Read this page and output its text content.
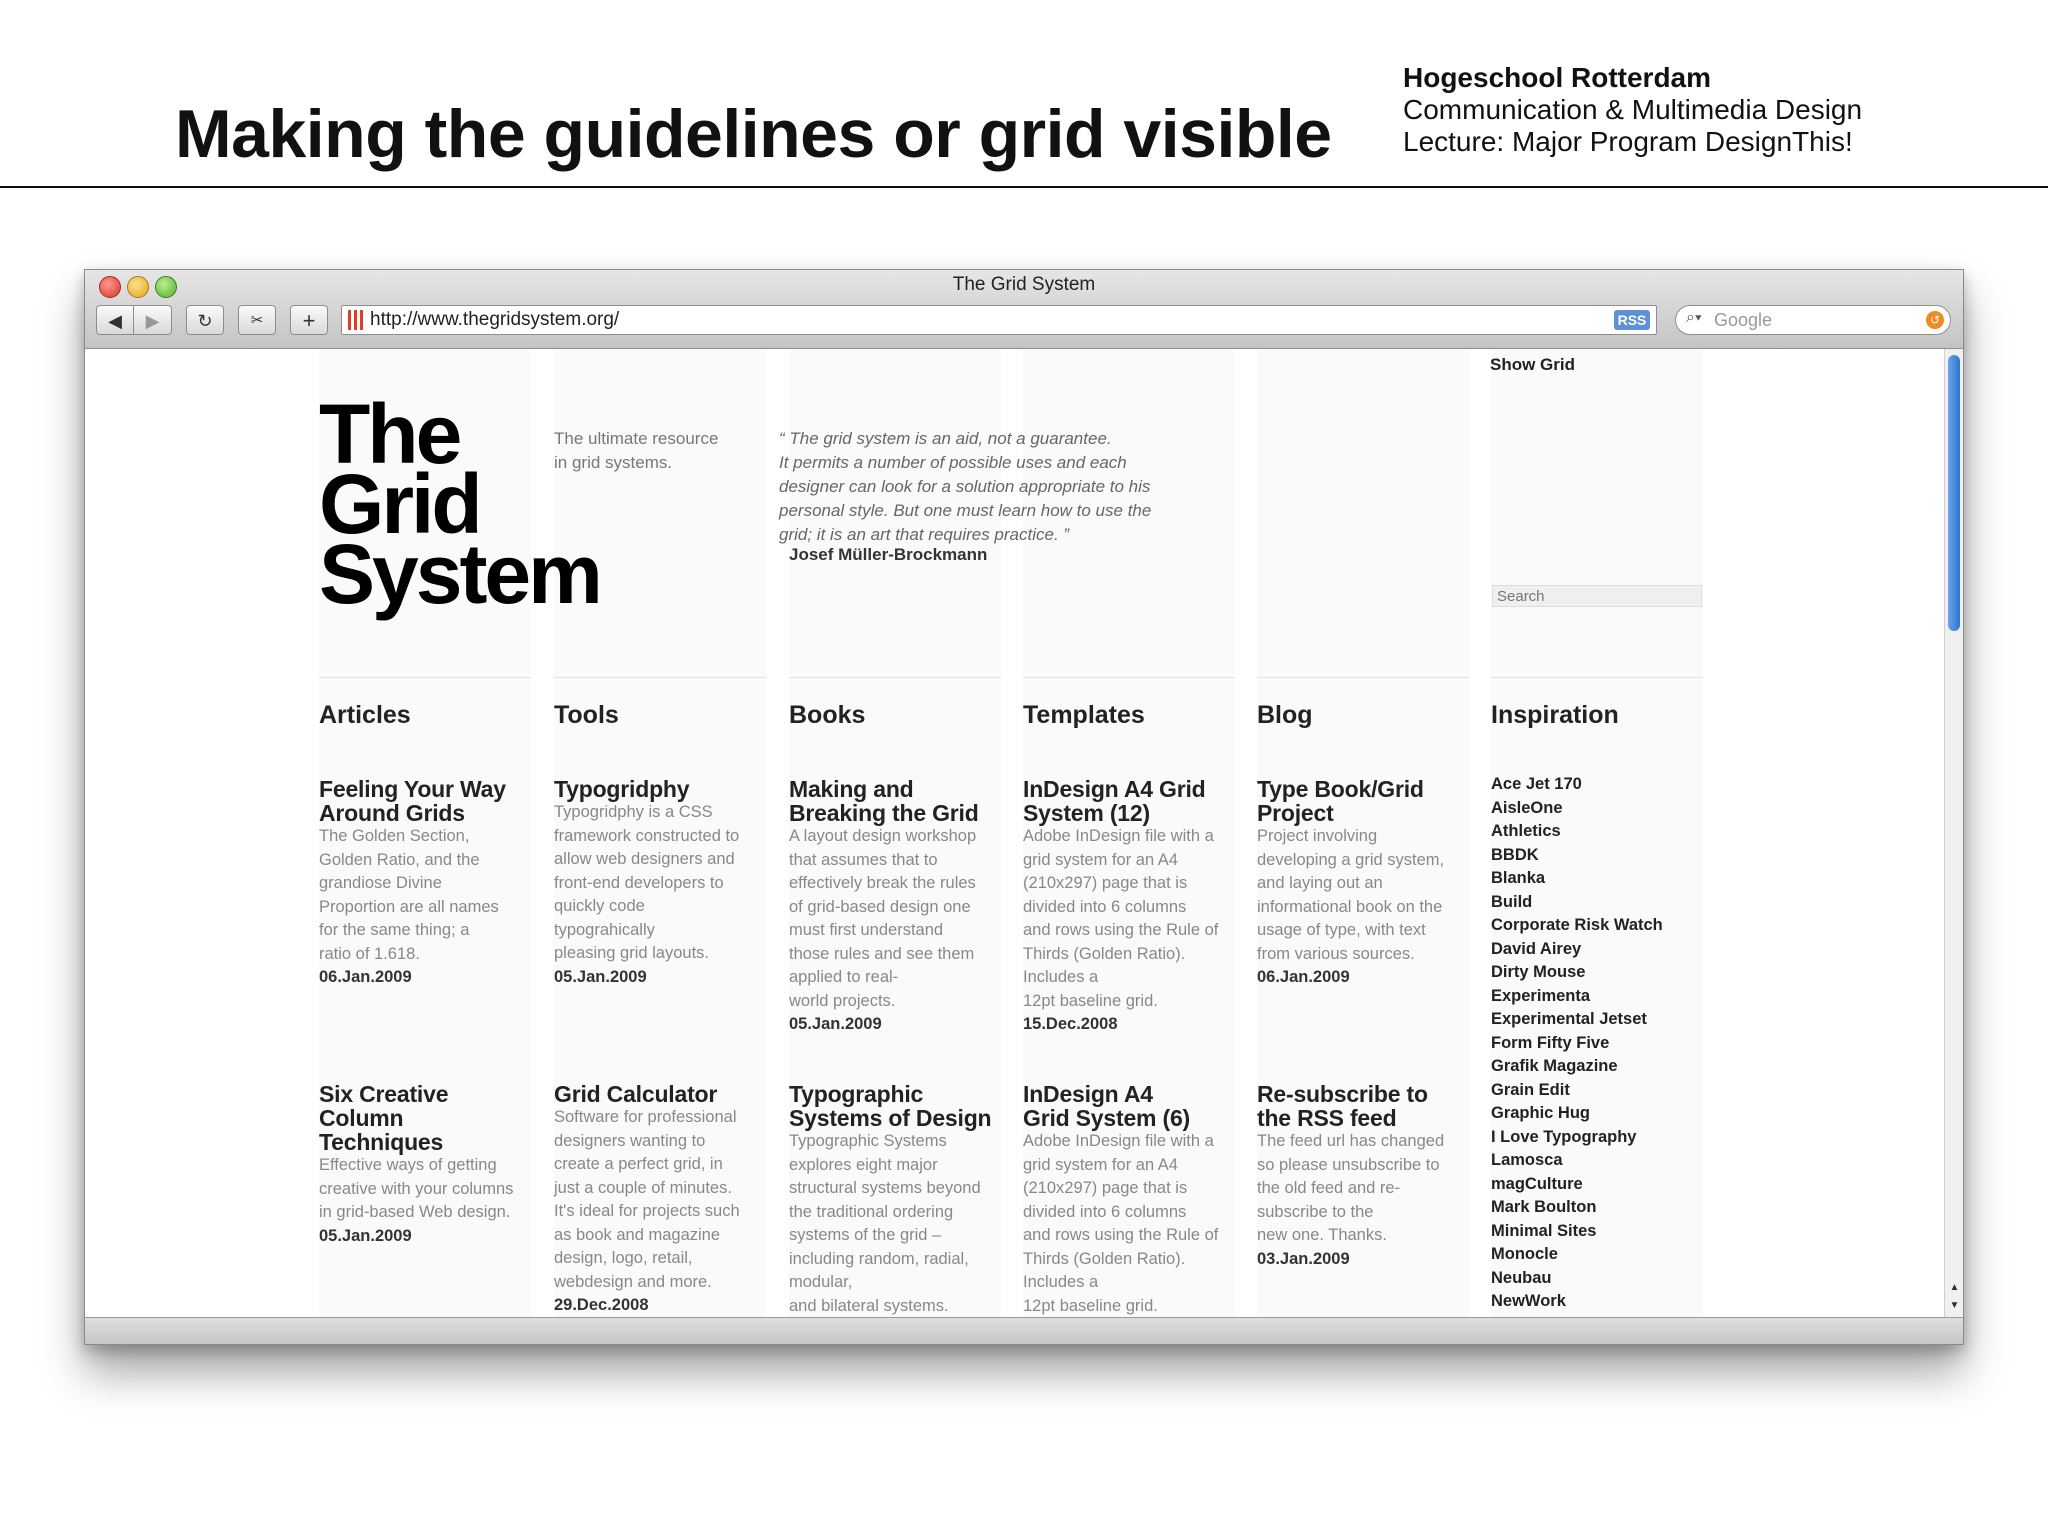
Making the guidelines or grid visible
Hogeschool Rotterdam
Communication & Multimedia Design
Lecture: Major Program DesignThis!
The Grid System
◀	▶	↻	✂	+	http://www.thegridsystem.org/	RSS ⌕▾ Google	↺
The
Grid
System
The ultimate resource
in grid systems.
“ The grid system is an aid, not a guarantee.
It permits a number of possible uses and each
designer can look for a solution appropriate to his
personal style. But one must learn how to use the
grid; it is an art that requires practice. ”
Josef Müller-Brockmann
Show Grid
Search
Articles	Tools	Books	Templates	Blog	Inspiration
Feeling Your Way
Around Grids

The Golden Section,
Golden Ratio, and the
grandiose Divine
Proportion are all names
for the same thing; a
ratio of 1.618.

06.Jan.2009
Typogridphy

Typogridphy is a CSS
framework constructed to
allow web designers and
front-end developers to
quickly code
typograhically
pleasing grid layouts.

05.Jan.2009
Making and
Breaking the Grid

A layout design workshop
that assumes that to
effectively break the rules
of grid-based design one
must first understand
those rules and see them
applied to real-
world projects.

05.Jan.2009
InDesign A4 Grid
System (12)

Adobe InDesign file with a
grid system for an A4
(210x297) page that is
divided into 6 columns
and rows using the Rule of
Thirds (Golden Ratio).
Includes a
12pt baseline grid.

15.Dec.2008
Type Book/Grid
Project

Project involving
developing a grid system,
and laying out an
informational book on the
usage of type, with text
from various sources.

06.Jan.2009
Six Creative
Column
Techniques

Effective ways of getting
creative with your columns
in grid-based Web design.

05.Jan.2009
Grid Calculator

Software for professional
designers wanting to
create a perfect grid, in
just a couple of minutes.
It's ideal for projects such
as book and magazine
design, logo, retail,
webdesign and more.

29.Dec.2008
Typographic
Systems of Design

Typographic Systems
explores eight major
structural systems beyond
the traditional ordering
systems of the grid –
including random, radial,
modular,
and bilateral systems.

InDesign A4
Grid System (6)

Adobe InDesign file with a
grid system for an A4
(210x297) page that is
divided into 6 columns
and rows using the Rule of
Thirds (Golden Ratio).
Includes a
12pt baseline grid.

Re-subscribe to
the RSS feed

The feed url has changed
so please unsubscribe to
the old feed and re-
subscribe to the
new one. Thanks.

03.Jan.2009
Ace Jet 170
AisleOne
Athletics
BBDK
Blanka
Build
Corporate Risk Watch
David Airey
Dirty Mouse
Experimenta
Experimental Jetset
Form Fifty Five
Grafik Magazine
Grain Edit
Graphic Hug
I Love Typography
Lamosca
magCulture
Mark Boulton
Minimal Sites
Monocle
Neubau
NewWork
▲
▼
